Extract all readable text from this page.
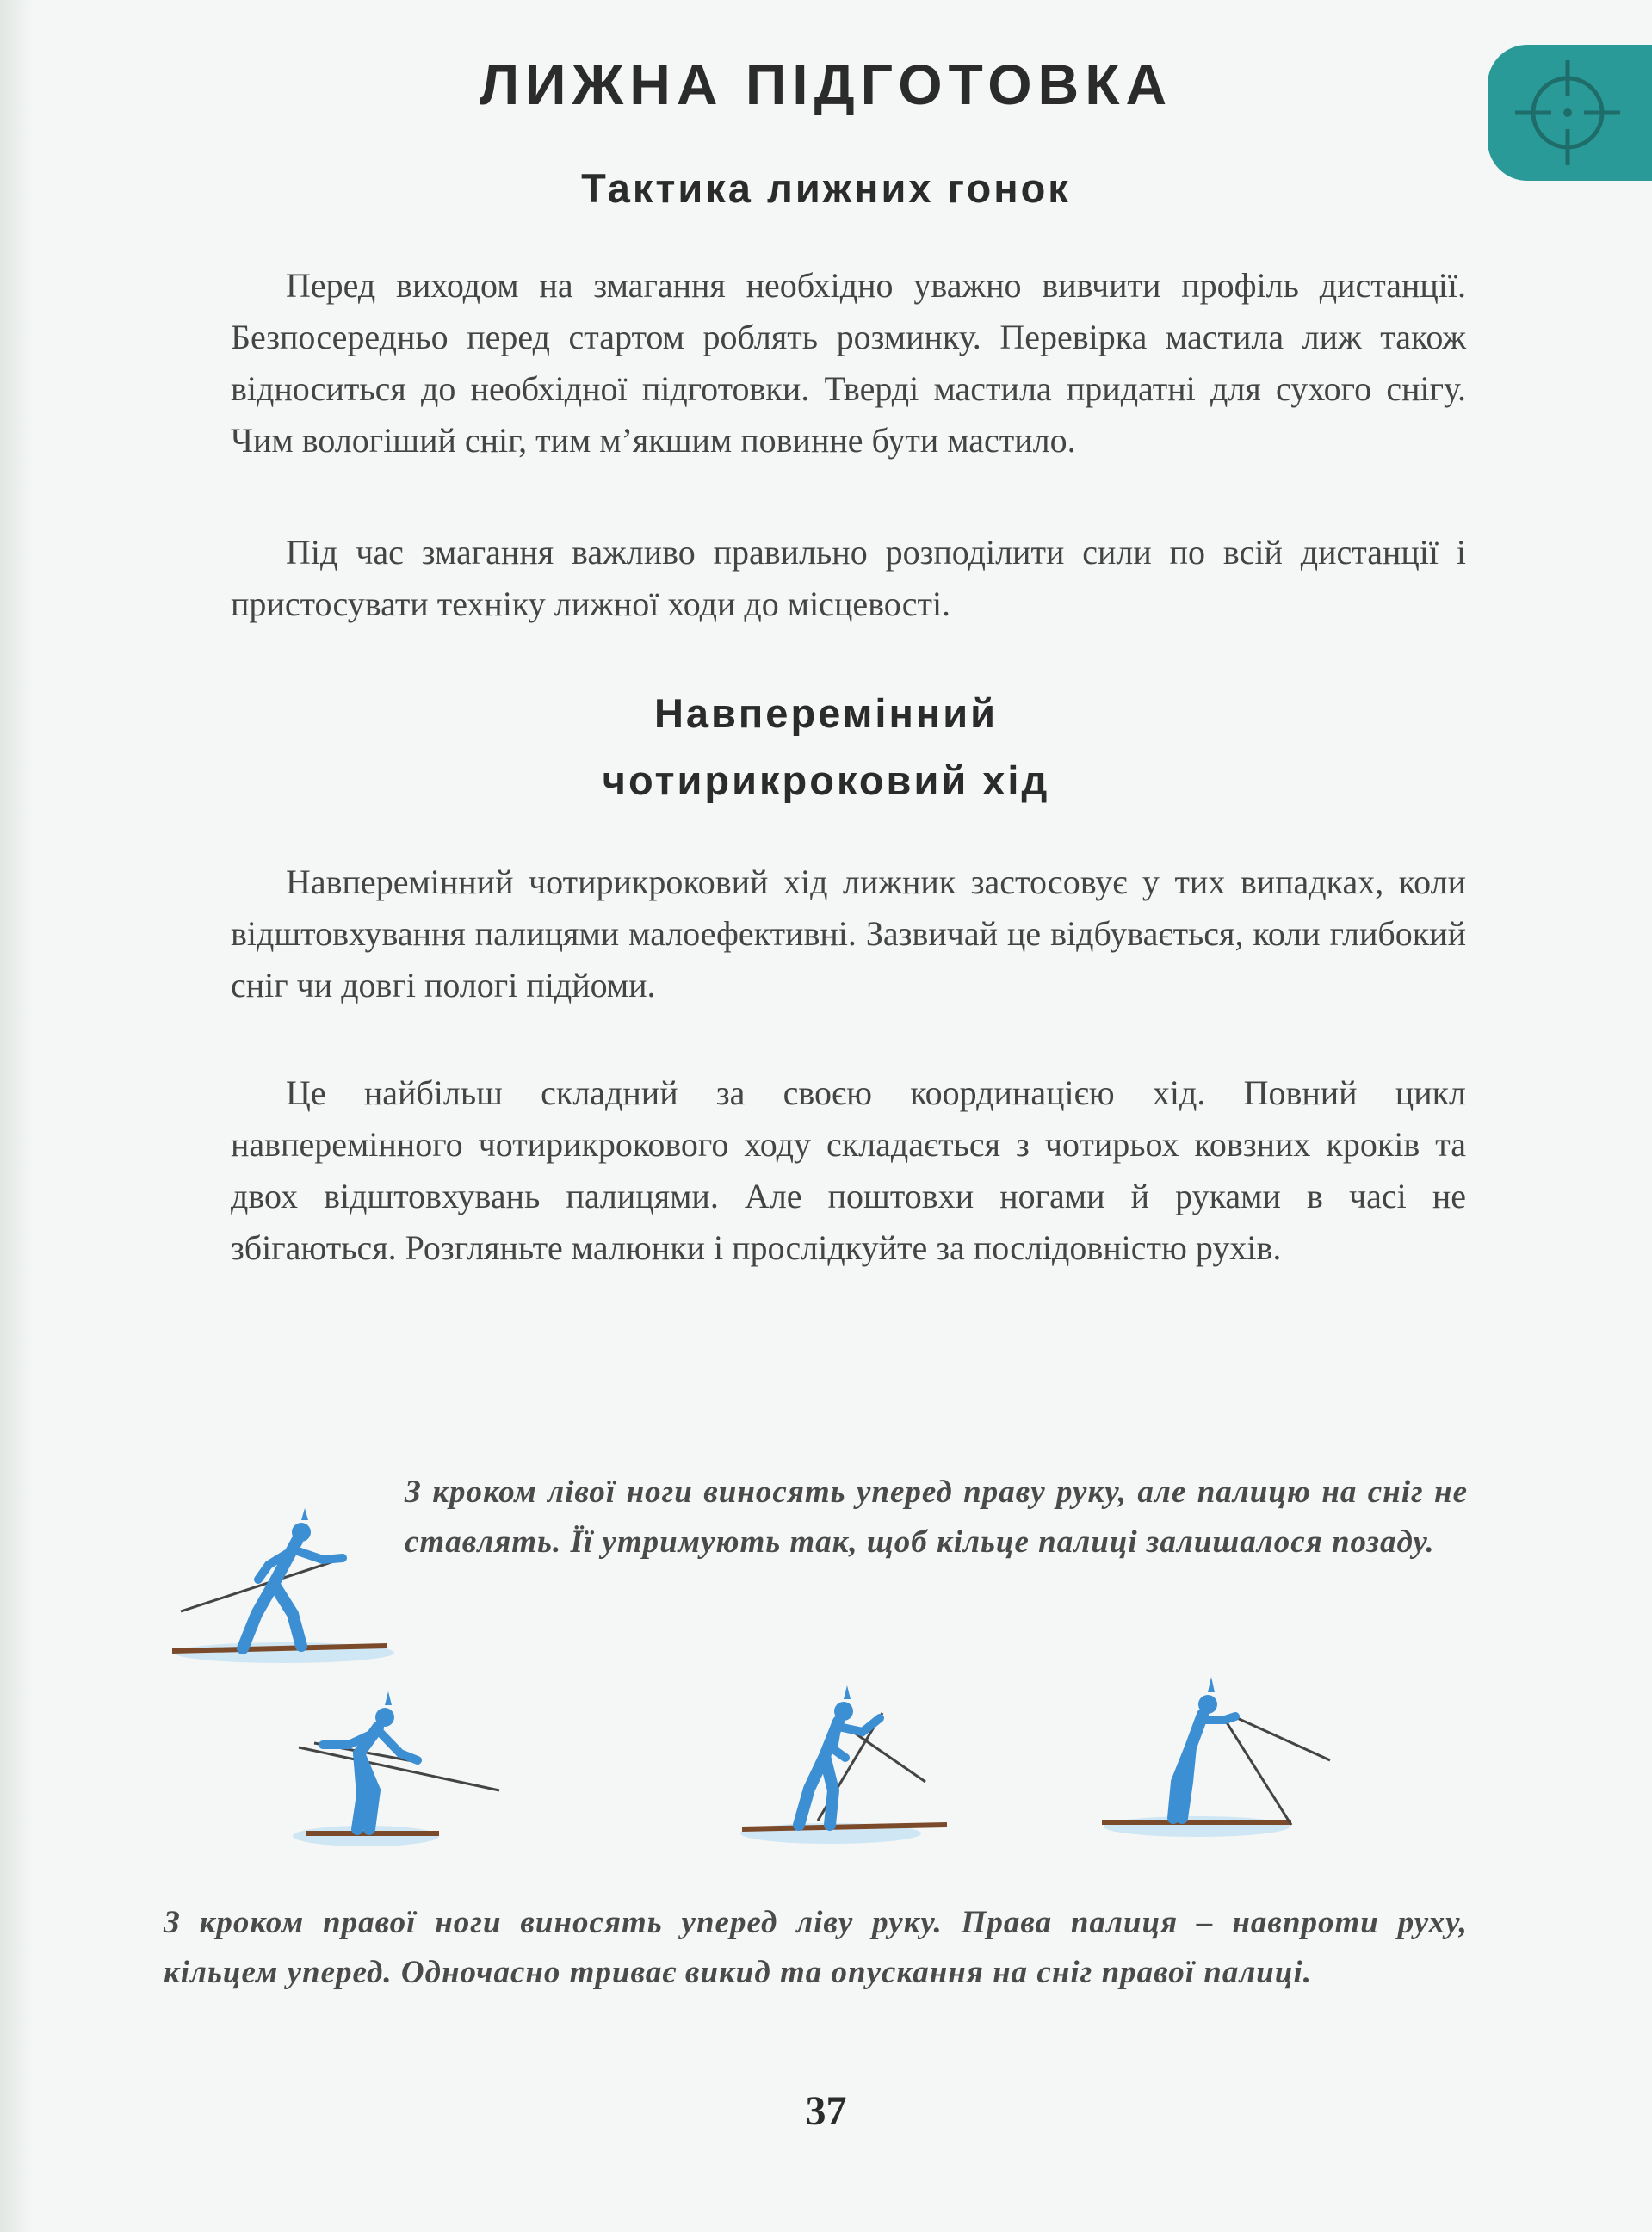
ЛИЖНА ПІДГОТОВКА
Тактика лижних гонок

Перед виходом на змагання необхідно уважно вивчити профіль дистанції. Безпосередньо перед стартом роблять розминку. Перевірка мастила лиж також відноситься до необхідної підготовки. Тверді мастила придатні для сухого снігу. Чим вологіший сніг, тим м’якшим повинне бути мастило.

Під час змагання важливо правильно розподілити сили по всій дистанції і пристосувати техніку лижної ходи до місцевості.

Навперемінний
чотирикроковий хід

Навперемінний чотирикроковий хід лижник застосовує у тих випадках, коли відштовхування палицями малоефективні. Зазвичай це відбувається, коли глибокий сніг чи довгі пологі підйоми.

Це найбільш складний за своєю координацією хід. Повний цикл навперемінного чотирикрокового ходу складається з чотирьох ковзних кроків та двох відштовхувань палицями. Але поштовхи ногами й руками в часі не збігаються. Розгляньте малюнки і прослідкуйте за послідовністю рухів.

З кроком лівої ноги виносять уперед праву руку, але палицю на сніг не ставлять. Її утримують так, щоб кільце палиці залишалося позаду.

З кроком правої ноги виносять уперед ліву руку. Права палиця – навпроти руху, кільцем уперед. Одночасно триває викид та опускання на сніг правої палиці.

37
